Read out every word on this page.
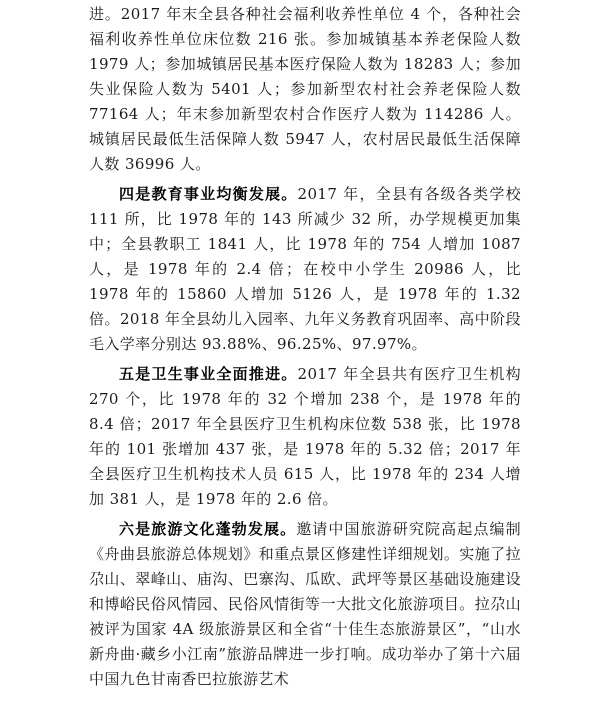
进。2017 年末全县各种社会福利收养性单位 4 个，各种社会福利收养性单位床位数 216 张。参加城镇基本养老保险人数 1979 人；参加城镇居民基本医疗保险人数为 18283 人；参加失业保险人数为 5401 人；参加新型农村社会养老保险人数 77164 人；年末参加新型农村合作医疗人数为 114286 人。城镇居民最低生活保障人数 5947 人，农村居民最低生活保障人数 36996 人。

四是教育事业均衡发展。2017 年，全县有各级各类学校 111 所，比 1978 年的 143 所减少 32 所，办学规模更加集中；全县教职工 1841 人，比 1978 年的 754 人增加 1087 人，是 1978 年的 2.4 倍；在校中小学生 20986 人，比 1978 年的 15860 人增加 5126 人，是 1978 年的 1.32 倍。2018 年全县幼儿入园率、九年义务教育巩固率、高中阶段毛入学率分别达 93.88%、96.25%、97.97%。

五是卫生事业全面推进。2017 年全县共有医疗卫生机构 270 个，比 1978 年的 32 个增加 238 个，是 1978 年的 8.4 倍；2017 年全县医疗卫生机构床位数 538 张，比 1978 年的 101 张增加 437 张，是 1978 年的 5.32 倍；2017 年全县医疗卫生机构技术人员 615 人，比 1978 年的 234 人增加 381 人，是 1978 年的 2.6 倍。

六是旅游文化蓬勃发展。邀请中国旅游研究院高起点编制《舟曲县旅游总体规划》和重点景区修建性详细规划。实施了拉尕山、翠峰山、庙沟、巴寨沟、瓜欧、武坪等景区基础设施建设和博峪民俗风情园、民俗风情街等一大批文化旅游项目。拉尕山被评为国家 4A 级旅游景区和全省“十佳生态旅游景区”，“山水新舟曲·藏乡小江南”旅游品牌进一步打响。成功举办了第十六届中国九色甘南香巴拉旅游艺术
